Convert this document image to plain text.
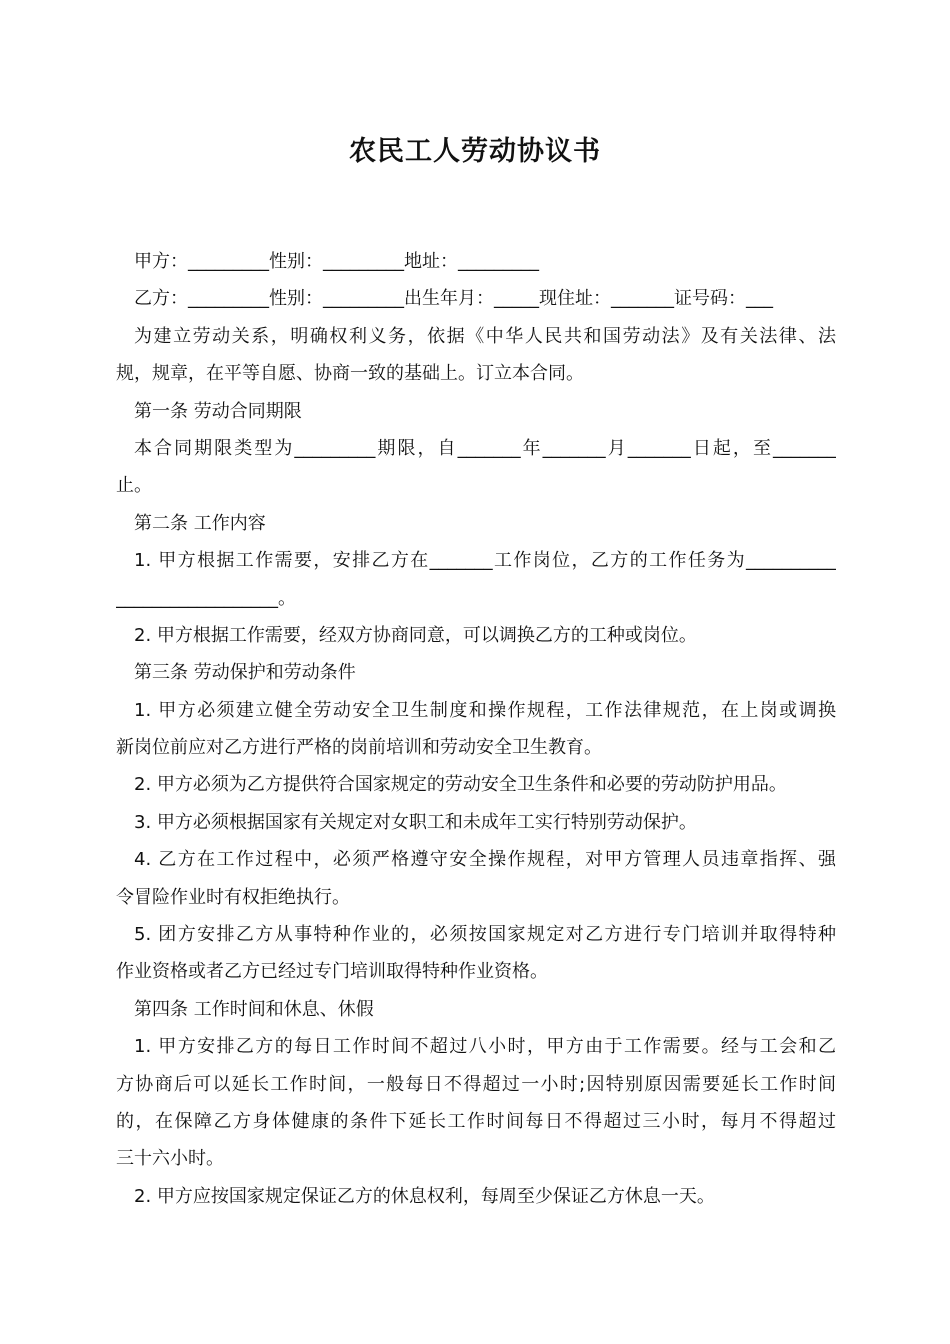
农民工人劳动协议书
甲方：_________性别：_________地址：_________
乙方：_________性别：_________出生年月：_____现住址：_______证号码：___
为建立劳动关系，明确权利义务，依据《中华人民共和国劳动法》及有关法律、法
规，规章，在平等自愿、协商一致的基础上。订立本合同。
第一条 劳动合同期限
本合同期限类型为_________期限，自_______年_______月_______日起，至_______
止。
第二条 工作内容
1. 甲方根据工作需要，安排乙方在_______工作岗位，乙方的工作任务为__________
__________________。
2. 甲方根据工作需要，经双方协商同意，可以调换乙方的工种或岗位。
第三条 劳动保护和劳动条件
1. 甲方必须建立健全劳动安全卫生制度和操作规程，工作法律规范，在上岗或调换
新岗位前应对乙方进行严格的岗前培训和劳动安全卫生教育。
2. 甲方必须为乙方提供符合国家规定的劳动安全卫生条件和必要的劳动防护用品。
3. 甲方必须根据国家有关规定对女职工和未成年工实行特别劳动保护。
4. 乙方在工作过程中，必须严格遵守安全操作规程，对甲方管理人员违章指挥、强
令冒险作业时有权拒绝执行。
5. 团方安排乙方从事特种作业的，必须按国家规定对乙方进行专门培训并取得特种
作业资格或者乙方已经过专门培训取得特种作业资格。
第四条 工作时间和休息、休假
1. 甲方安排乙方的每日工作时间不超过八小时，甲方由于工作需要。经与工会和乙
方协商后可以延长工作时间，一般每日不得超过一小时;因特别原因需要延长工作时间
的，在保障乙方身体健康的条件下延长工作时间每日不得超过三小时，每月不得超过
三十六小时。
2. 甲方应按国家规定保证乙方的休息权利，每周至少保证乙方休息一天。
